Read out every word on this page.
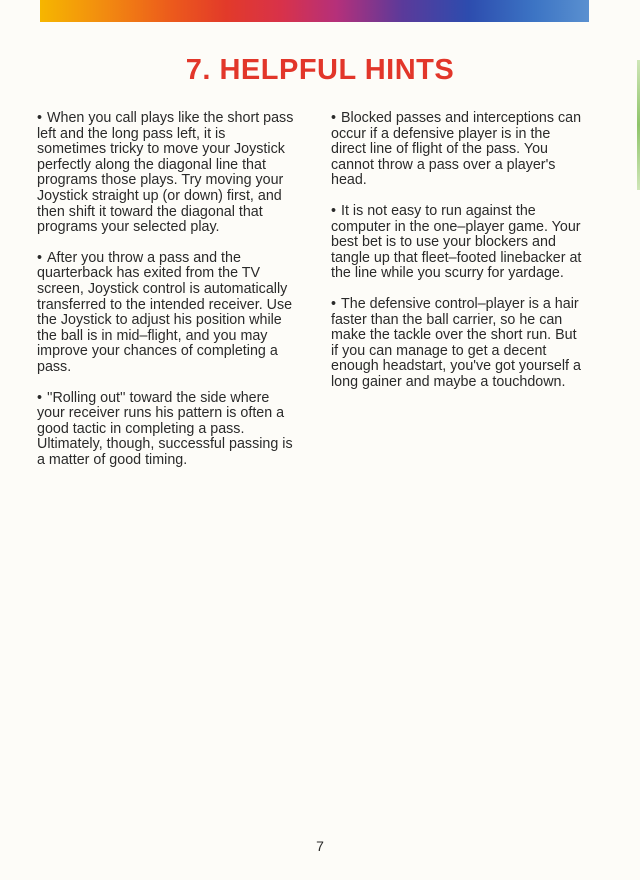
7. HELPFUL HINTS

• When you call plays like the short pass left and the long pass left, it is sometimes tricky to move your Joystick perfectly along the diagonal line that programs those plays. Try moving your Joystick straight up (or down) first, and then shift it toward the diagonal that programs your selected play.

• After you throw a pass and the quarterback has exited from the TV screen, Joystick control is automatically transferred to the intended receiver. Use the Joystick to adjust his position while the ball is in mid–flight, and you may improve your chances of completing a pass.

• ''Rolling out'' toward the side where your receiver runs his pattern is often a good tactic in completing a pass. Ultimately, though, successful passing is a matter of good timing.

• Blocked passes and interceptions can occur if a defensive player is in the direct line of flight of the pass. You cannot throw a pass over a player's head.

• It is not easy to run against the computer in the one–player game. Your best bet is to use your blockers and tangle up that fleet–footed linebacker at the line while you scurry for yardage.

• The defensive control–player is a hair faster than the ball carrier, so he can make the tackle over the short run. But if you can manage to get a decent enough headstart, you've got yourself a long gainer and maybe a touchdown.

7
